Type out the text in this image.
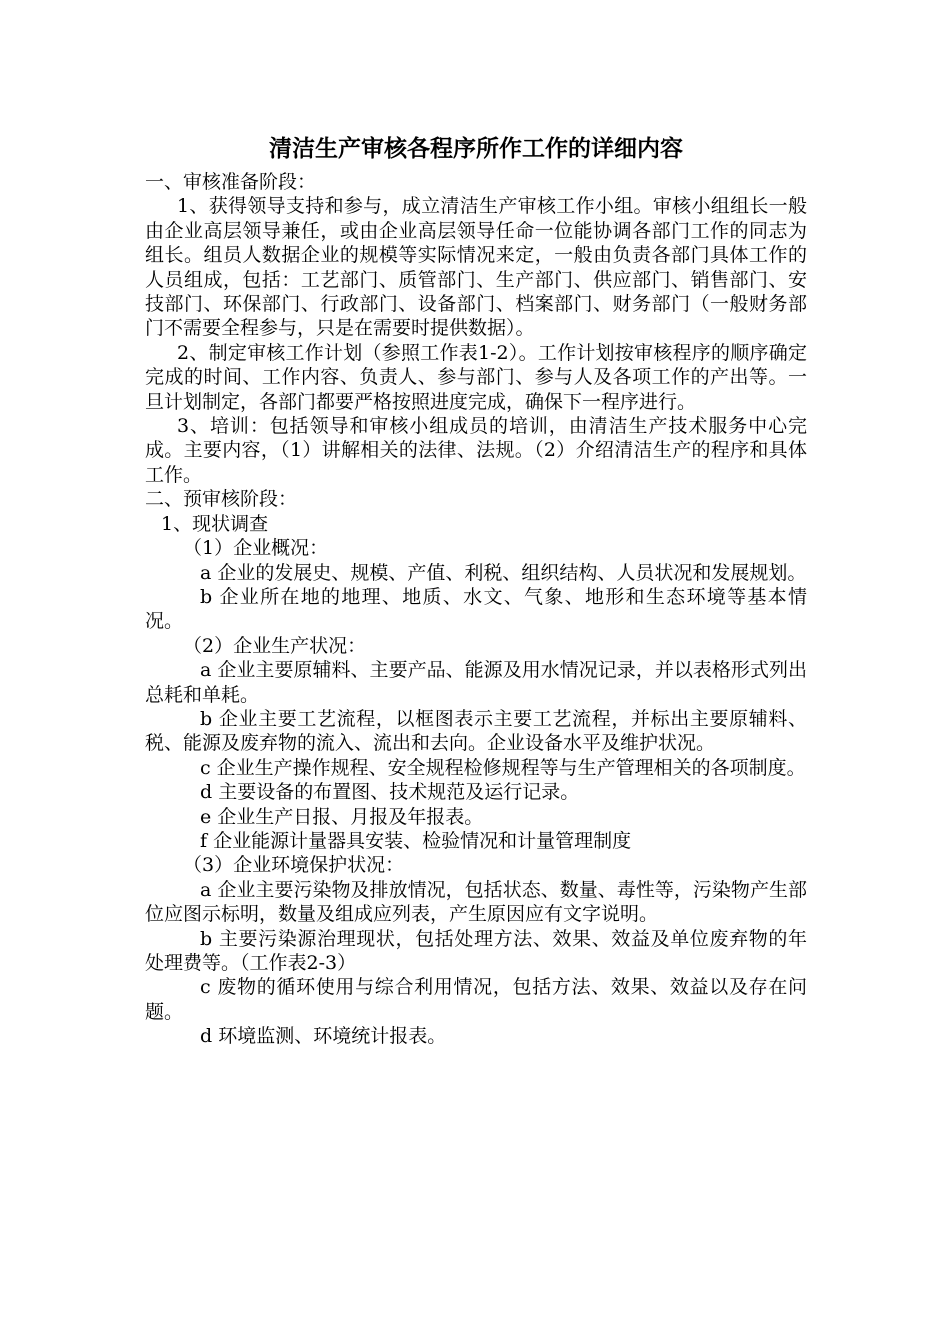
清洁生产审核各程序所作工作的详细内容

一、审核准备阶段：

1、获得领导支持和参与，成立清洁生产审核工作小组。审核小组组长一般由企业高层领导兼任，或由企业高层领导任命一位能协调各部门工作的同志为组长。组员人数据企业的规模等实际情况来定，一般由负责各部门具体工作的人员组成，包括：工艺部门、质管部门、生产部门、供应部门、销售部门、安技部门、环保部门、行政部门、设备部门、档案部门、财务部门（一般财务部门不需要全程参与，只是在需要时提供数据）。

2、制定审核工作计划（参照工作表1-2）。工作计划按审核程序的顺序确定完成的时间、工作内容、负责人、参与部门、参与人及各项工作的产出等。一旦计划制定，各部门都要严格按照进度完成，确保下一程序进行。

3、培训：包括领导和审核小组成员的培训，由清洁生产技术服务中心完成。主要内容，（1）讲解相关的法律、法规。（2）介绍清洁生产的程序和具体工作。

二、预审核阶段：

1、现状调查

（1）企业概况：

a 企业的发展史、规模、产值、利税、组织结构、人员状况和发展规划。

b 企业所在地的地理、地质、水文、气象、地形和生态环境等基本情况。

（2）企业生产状况：

a 企业主要原辅料、主要产品、能源及用水情况记录，并以表格形式列出总耗和单耗。

b 企业主要工艺流程，以框图表示主要工艺流程，并标出主要原辅料、税、能源及废弃物的流入、流出和去向。企业设备水平及维护状况。

c 企业生产操作规程、安全规程检修规程等与生产管理相关的各项制度。

d 主要设备的布置图、技术规范及运行记录。

e 企业生产日报、月报及年报表。

f 企业能源计量器具安装、检验情况和计量管理制度

（3）企业环境保护状况：

a 企业主要污染物及排放情况，包括状态、数量、毒性等，污染物产生部位应图示标明，数量及组成应列表，产生原因应有文字说明。

b 主要污染源治理现状，包括处理方法、效果、效益及单位废弃物的年处理费等。（工作表2-3）

c 废物的循环使用与综合利用情况，包括方法、效果、效益以及存在问题。

d 环境监测、环境统计报表。
